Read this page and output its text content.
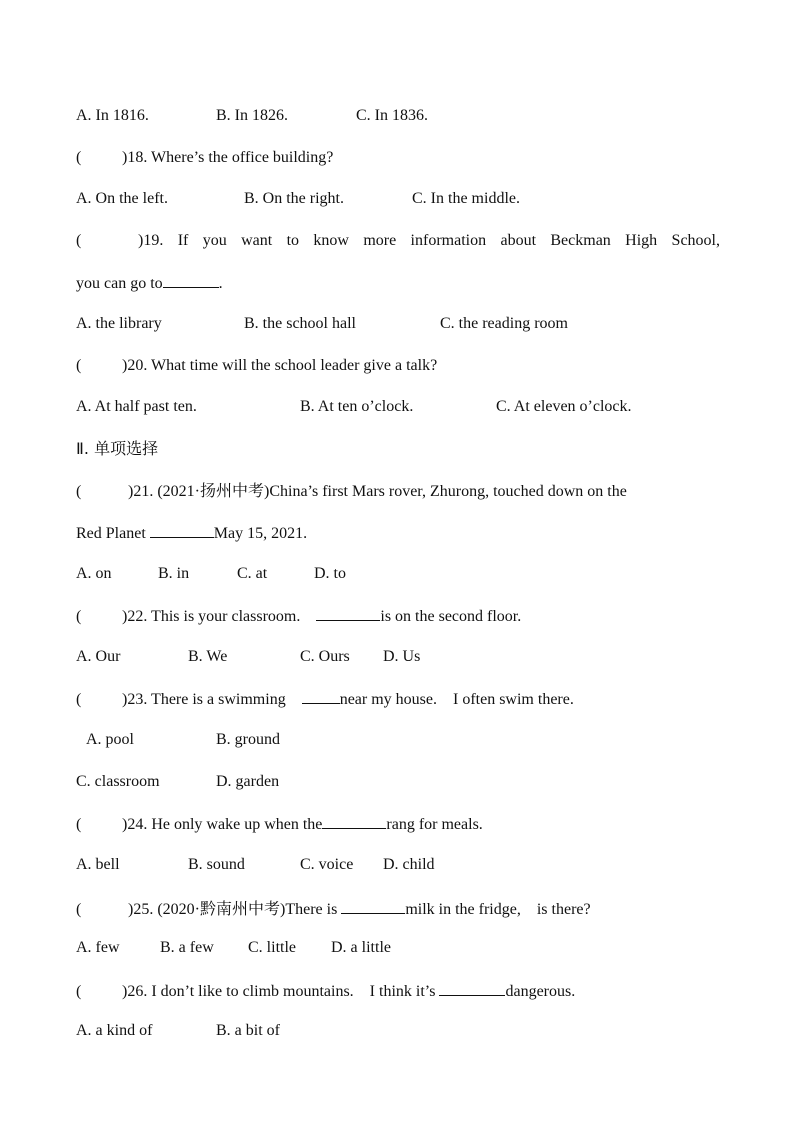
A. In 1816.	B. In 1826.	C. In 1836.
(	)18. Where’s the office building?
A. On the left.	B. On the right.	C. In the middle.
(	)19. If you want to know more information about Beckman High School,
you can go to	.
A. the library	B. the school hall	C. the reading room
(	)20. What time will the school leader give a talk?
A. At half past ten.	B. At ten o’clock.	C. At eleven o’clock.
Ⅱ. 单项选择
(	)21. (2021·扬州中考)China’s first Mars rover, Zhurong, touched down on the
Red Planet	May 15, 2021.
A. on	B. in	C. at	D. to
(	)22. This is your classroom.	is on the second floor.
A. Our	B. We	C. Ours D. Us
(	)23. There is a swimming	near my house.    I often swim there.
A. pool	B. ground
C. classroom	D. garden
(	)24. He only wake up when the	rang for meals.
A. bell	B. sound	C. voice D. child
(	)25. (2020·黔南州中考)There is	milk in the fridge,    is there?
A. few	B. a few C. little D. a little
(	)26. I don’t like to climb mountains.    I think it’s	dangerous.
A. a kind of	B. a bit of
